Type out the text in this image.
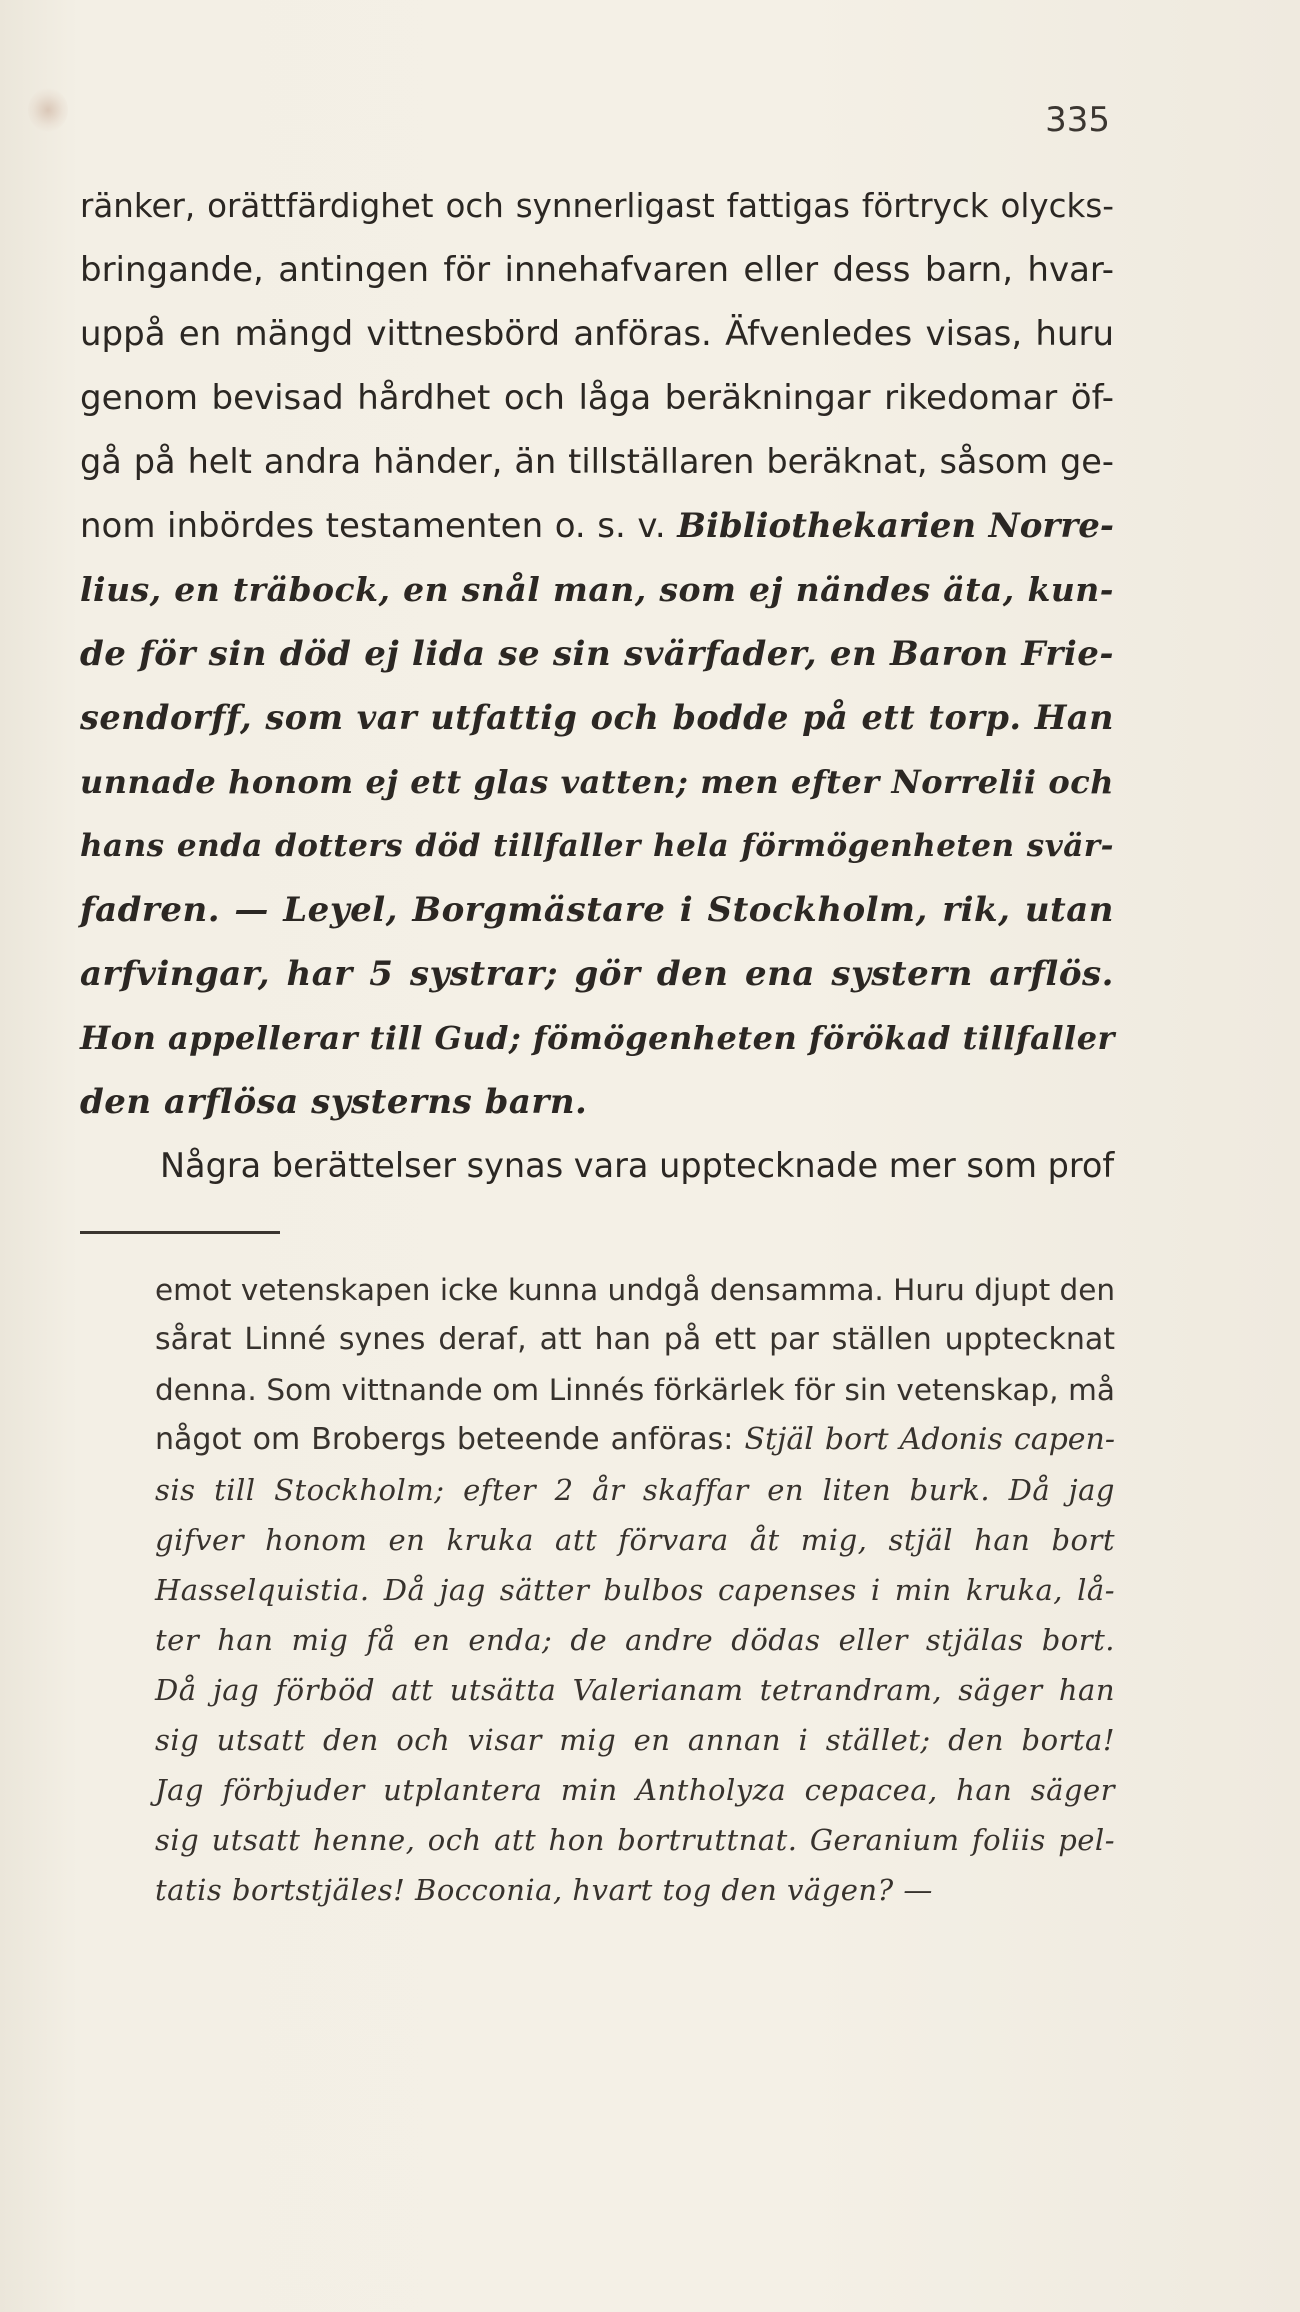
335
ränker, orättfärdighet och synnerligast fattigas förtryck olycks-
bringande, antingen för innehafvaren eller dess barn, hvar-
uppå en mängd vittnesbörd anföras. Äfvenledes visas, huru
genom bevisad hårdhet och låga beräkningar rikedomar öf-
gå på helt andra händer, än tillställaren beräknat, såsom ge-
nom inbördes testamenten o. s. v. Bibliothekarien Norre-
lius, en träbock, en snål man, som ej nändes äta, kun-
de för sin död ej lida se sin svärfader, en Baron Frie-
sendorff, som var utfattig och bodde på ett torp. Han
unnade honom ej ett glas vatten; men efter Norrelii och
hans enda dotters död tillfaller hela förmögenheten svär-
fadren. — Leyel, Borgmästare i Stockholm, rik, utan
arfvingar, har 5 systrar; gör den ena systern arflös.
Hon appellerar till Gud; fömögenheten förökad tillfaller
den arflösa systerns barn.
Några berättelser synas vara upptecknade mer som prof
emot vetenskapen icke kunna undgå densamma. Huru djupt den
sårat Linné synes deraf, att han på ett par ställen upptecknat
denna. Som vittnande om Linnés förkärlek för sin vetenskap, må
något om Brobergs beteende anföras: Stjäl bort Adonis capen-
sis till Stockholm; efter 2 år skaffar en liten burk. Då jag
gifver honom en kruka att förvara åt mig, stjäl han bort
Hasselquistia. Då jag sätter bulbos capenses i min kruka, lå-
ter han mig få en enda; de andre dödas eller stjälas bort.
Då jag förböd att utsätta Valerianam tetrandram, säger han
sig utsatt den och visar mig en annan i stället; den borta!
Jag förbjuder utplantera min Antholyza cepacea, han säger
sig utsatt henne, och att hon bortruttnat. Geranium foliis pel-
tatis bortstjäles! Bocconia, hvart tog den vägen? —
